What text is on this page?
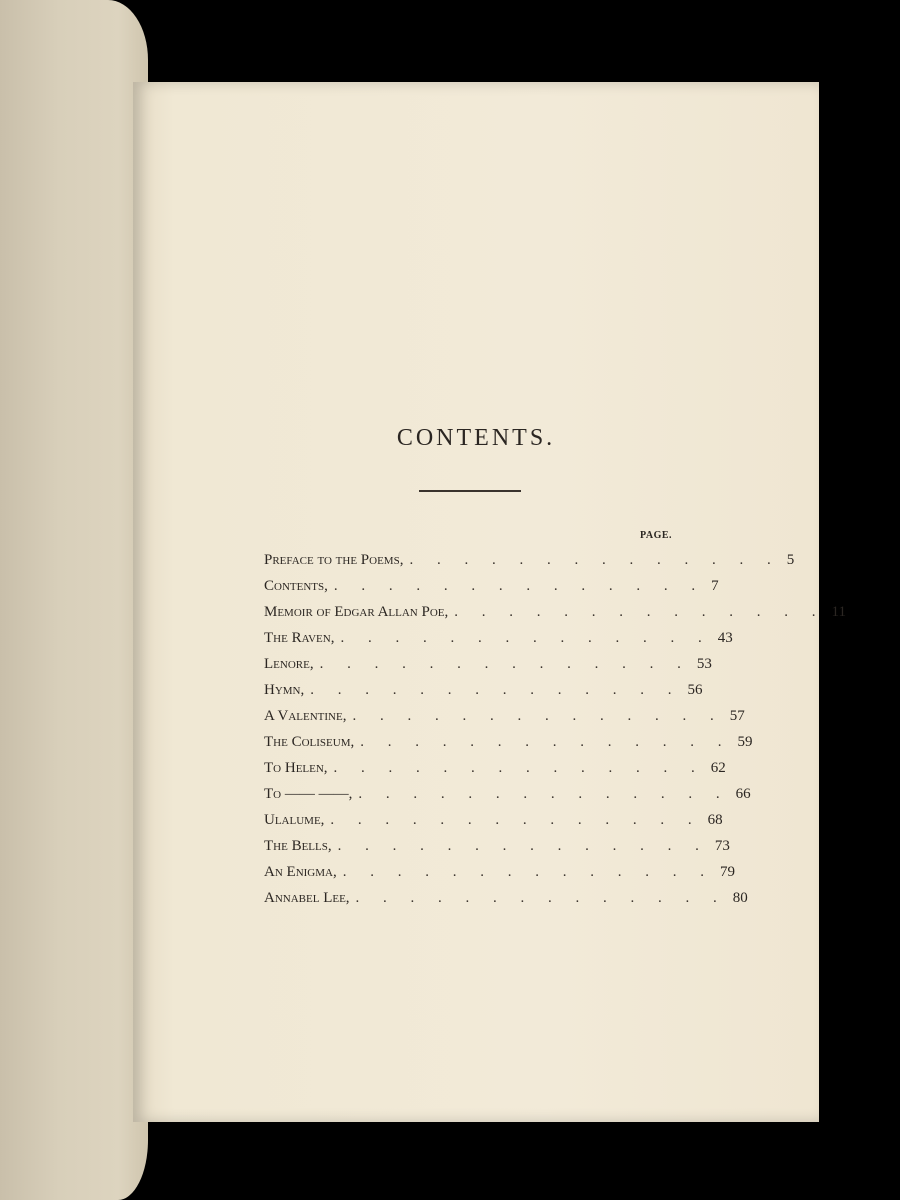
CONTENTS.
PAGE.
Preface to the Poems, . . . . . . . . . . . . . . 5
Contents, . . . . . . . . . . . . . . 7
Memoir of Edgar Allan Poe, . . . . . . . . . . . . . . 11
The Raven, . . . . . . . . . . . . . . 43
Lenore, . . . . . . . . . . . . . . 53
Hymn, . . . . . . . . . . . . . . 56
A Valentine, . . . . . . . . . . . . . . 57
The Coliseum, . . . . . . . . . . . . . . 59
To Helen, . . . . . . . . . . . . . . 62
To —— ——, . . . . . . . . . . . . . . 66
Ulalume, . . . . . . . . . . . . . . 68
The Bells, . . . . . . . . . . . . . . 73
An Enigma, . . . . . . . . . . . . . . 79
Annabel Lee, . . . . . . . . . . . . . . 80
